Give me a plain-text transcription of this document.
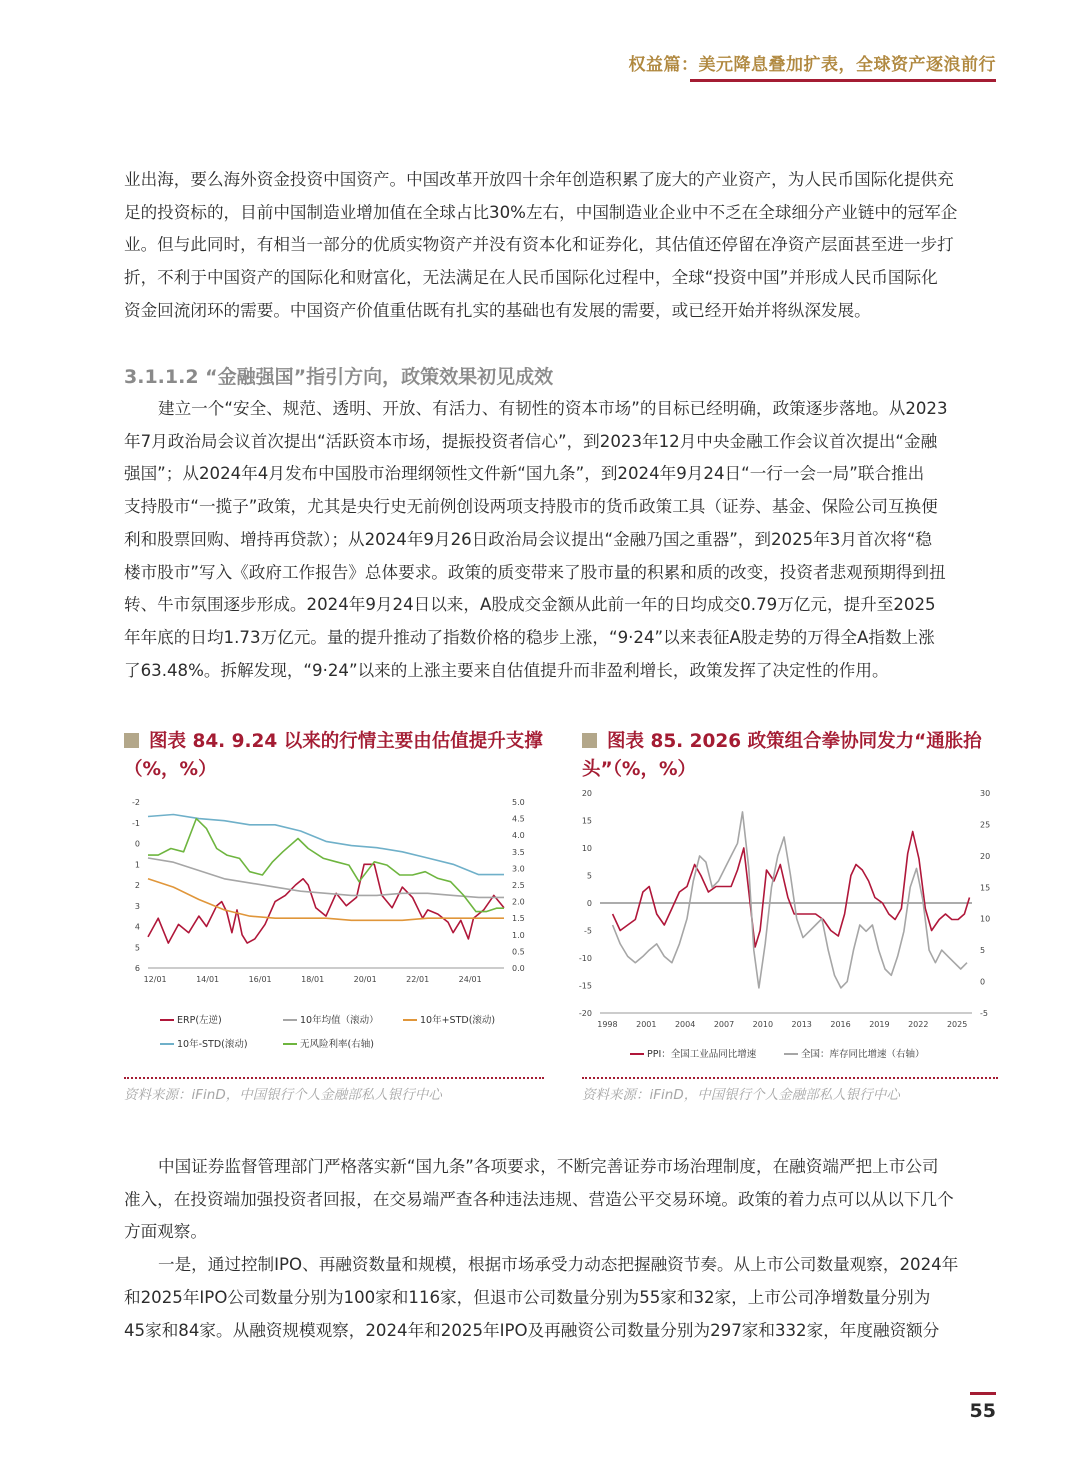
权益篇：美元降息叠加扩表，全球资产逐浪前行
业出海，要么海外资金投资中国资产。中国改革开放四十余年创造积累了庞大的产业资产，为人民币国际化提供充
足的投资标的，目前中国制造业增加值在全球占比30%左右，中国制造业企业中不乏在全球细分产业链中的冠军企
业。但与此同时，有相当一部分的优质实物资产并没有资本化和证券化，其估值还停留在净资产层面甚至进一步打
折，不利于中国资产的国际化和财富化，无法满足在人民币国际化过程中，全球“投资中国”并形成人民币国际化
资金回流闭环的需要。中国资产价值重估既有扎实的基础也有发展的需要，或已经开始并将纵深发展。
3.1.1.2 “金融强国”指引方向，政策效果初见成效
建立一个“安全、规范、透明、开放、有活力、有韧性的资本市场”的目标已经明确，政策逐步落地。从2023
年7月政治局会议首次提出“活跃资本市场，提振投资者信心”，到2023年12月中央金融工作会议首次提出“金融
强国”；从2024年4月发布中国股市治理纲领性文件新“国九条”，到2024年9月24日“一行一会一局”联合推出
支持股市“一揽子”政策，尤其是央行史无前例创设两项支持股市的货币政策工具（证券、基金、保险公司互换便
利和股票回购、增持再贷款）；从2024年9月26日政治局会议提出“金融乃国之重器”，到2025年3月首次将“稳
楼市股市”写入《政府工作报告》总体要求。政策的质变带来了股市量的积累和质的改变，投资者悲观预期得到扭
转、牛市氛围逐步形成。2024年9月24日以来，A股成交金额从此前一年的日均成交0.79万亿元，提升至2025
年年底的日均1.73万亿元。量的提升推动了指数价格的稳步上涨，“9·24”以来表征A股走势的万得全A指数上涨
了63.48%。拆解发现，“9·24”以来的上涨主要来自估值提升而非盈利增长，政策发挥了决定性的作用。
图表 84. 9.24 以来的行情主要由估值提升支撑（%，%）
图表 85. 2026 政策组合拳协同发力“通胀抬头”（%，%）
-2
-1
0
1
2
3
4
5
6	0.0
0.5
1.0
1.5
2.0
2.5
3.0
3.5
4.0
4.5
5.0
12/01	14/01	16/01	18/01	20/01	22/01	24/01
ERP(左逆)	10年均值（滚动）	10年+STD(滚动)
10年-STD(滚动)	无风险利率(右轴)
20
15
10
5
0
-5
-10
-15
-20
30
25
20
15
10
5
0
-5
1998 2001 2004 2007 2010 2013 2016 2019 2022 2025
PPI：全国工业品同比增速	全国：库存同比增速（右轴）
资料来源：iFinD，中国银行个人金融部私人银行中心	资料来源：iFinD，中国银行个人金融部私人银行中心
中国证券监督管理部门严格落实新“国九条”各项要求，不断完善证券市场治理制度，在融资端严把上市公司
准入，在投资端加强投资者回报，在交易端严查各种违法违规、营造公平交易环境。政策的着力点可以从以下几个
方面观察。
一是，通过控制IPO、再融资数量和规模，根据市场承受力动态把握融资节奏。从上市公司数量观察，2024年
和2025年IPO公司数量分别为100家和116家，但退市公司数量分别为55家和32家，上市公司净增数量分别为
45家和84家。从融资规模观察，2024年和2025年IPO及再融资公司数量分别为297家和332家，年度融资额分
55
